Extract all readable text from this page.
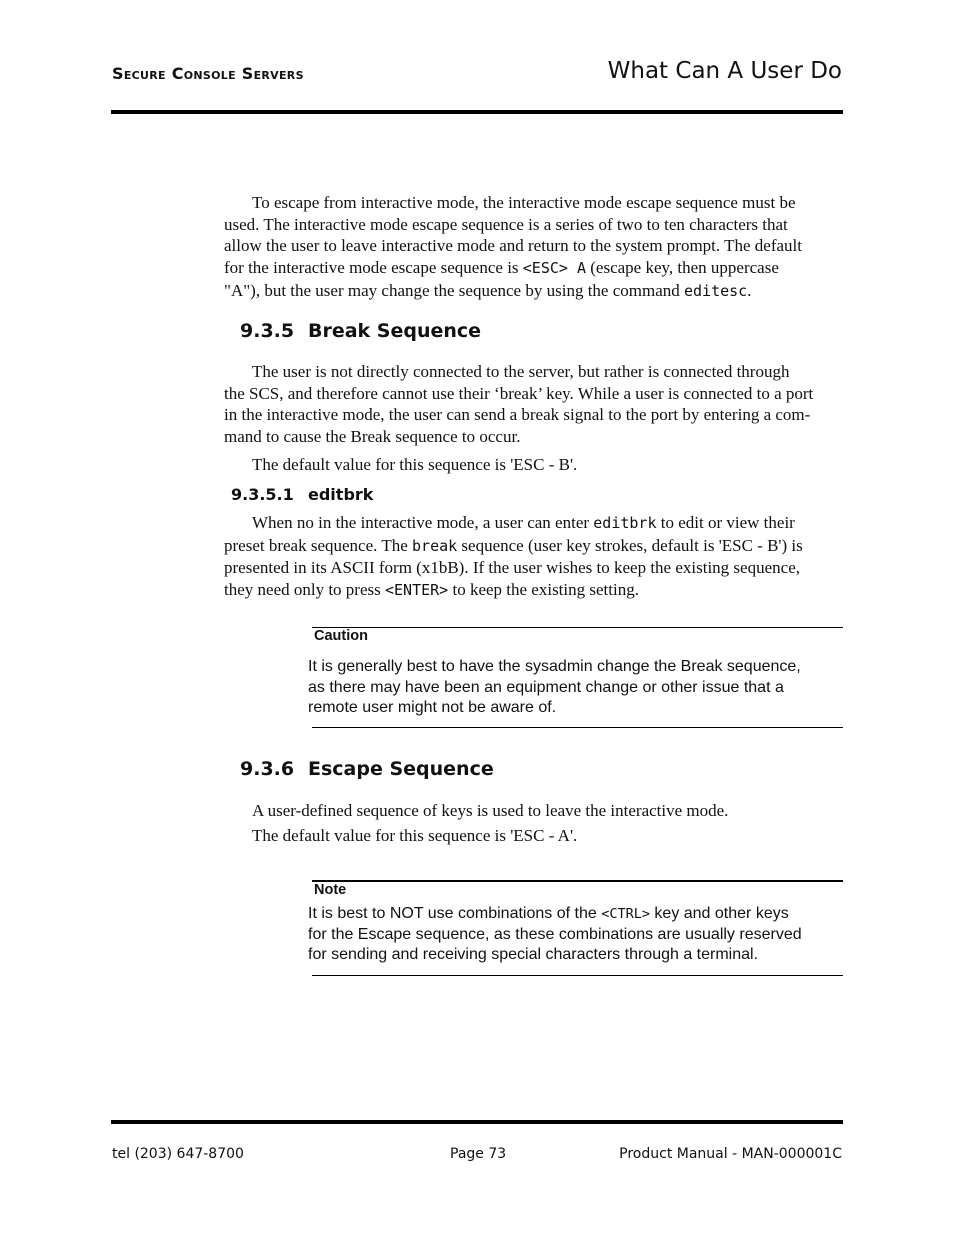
Secure Console Servers	What Can A User Do
To escape from interactive mode, the interactive mode escape sequence must be
used. The interactive mode escape sequence is a series of two to ten characters that
allow the user to leave interactive mode and return to the system prompt. The default
for the interactive mode escape sequence is <ESC> A (escape key, then uppercase
"A"), but the user may change the sequence by using the command editesc.
9.3.5 Break Sequence
The user is not directly connected to the server, but rather is connected through
the SCS, and therefore cannot use their ‘break’ key. While a user is connected to a port
in the interactive mode, the user can send a break signal to the port by entering a com-
mand to cause the Break sequence to occur.
The default value for this sequence is 'ESC - B'.
9.3.5.1 editbrk
When no in the interactive mode, a user can enter editbrk to edit or view their
preset break sequence. The break sequence (user key strokes, default is 'ESC - B') is
presented in its ASCII form (x1bB). If the user wishes to keep the existing sequence,
they need only to press <ENTER> to keep the existing setting.
Caution
It is generally best to have the sysadmin change the Break sequence,
as there may have been an equipment change or other issue that a
remote user might not be aware of.
9.3.6 Escape Sequence
A user-defined sequence of keys is used to leave the interactive mode.
The default value for this sequence is 'ESC - A'.
Note
It is best to NOT use combinations of the <CTRL> key and other keys
for the Escape sequence, as these combinations are usually reserved
for sending and receiving special characters through a terminal.
tel (203) 647-8700	Page 73	Product Manual - MAN-000001C
